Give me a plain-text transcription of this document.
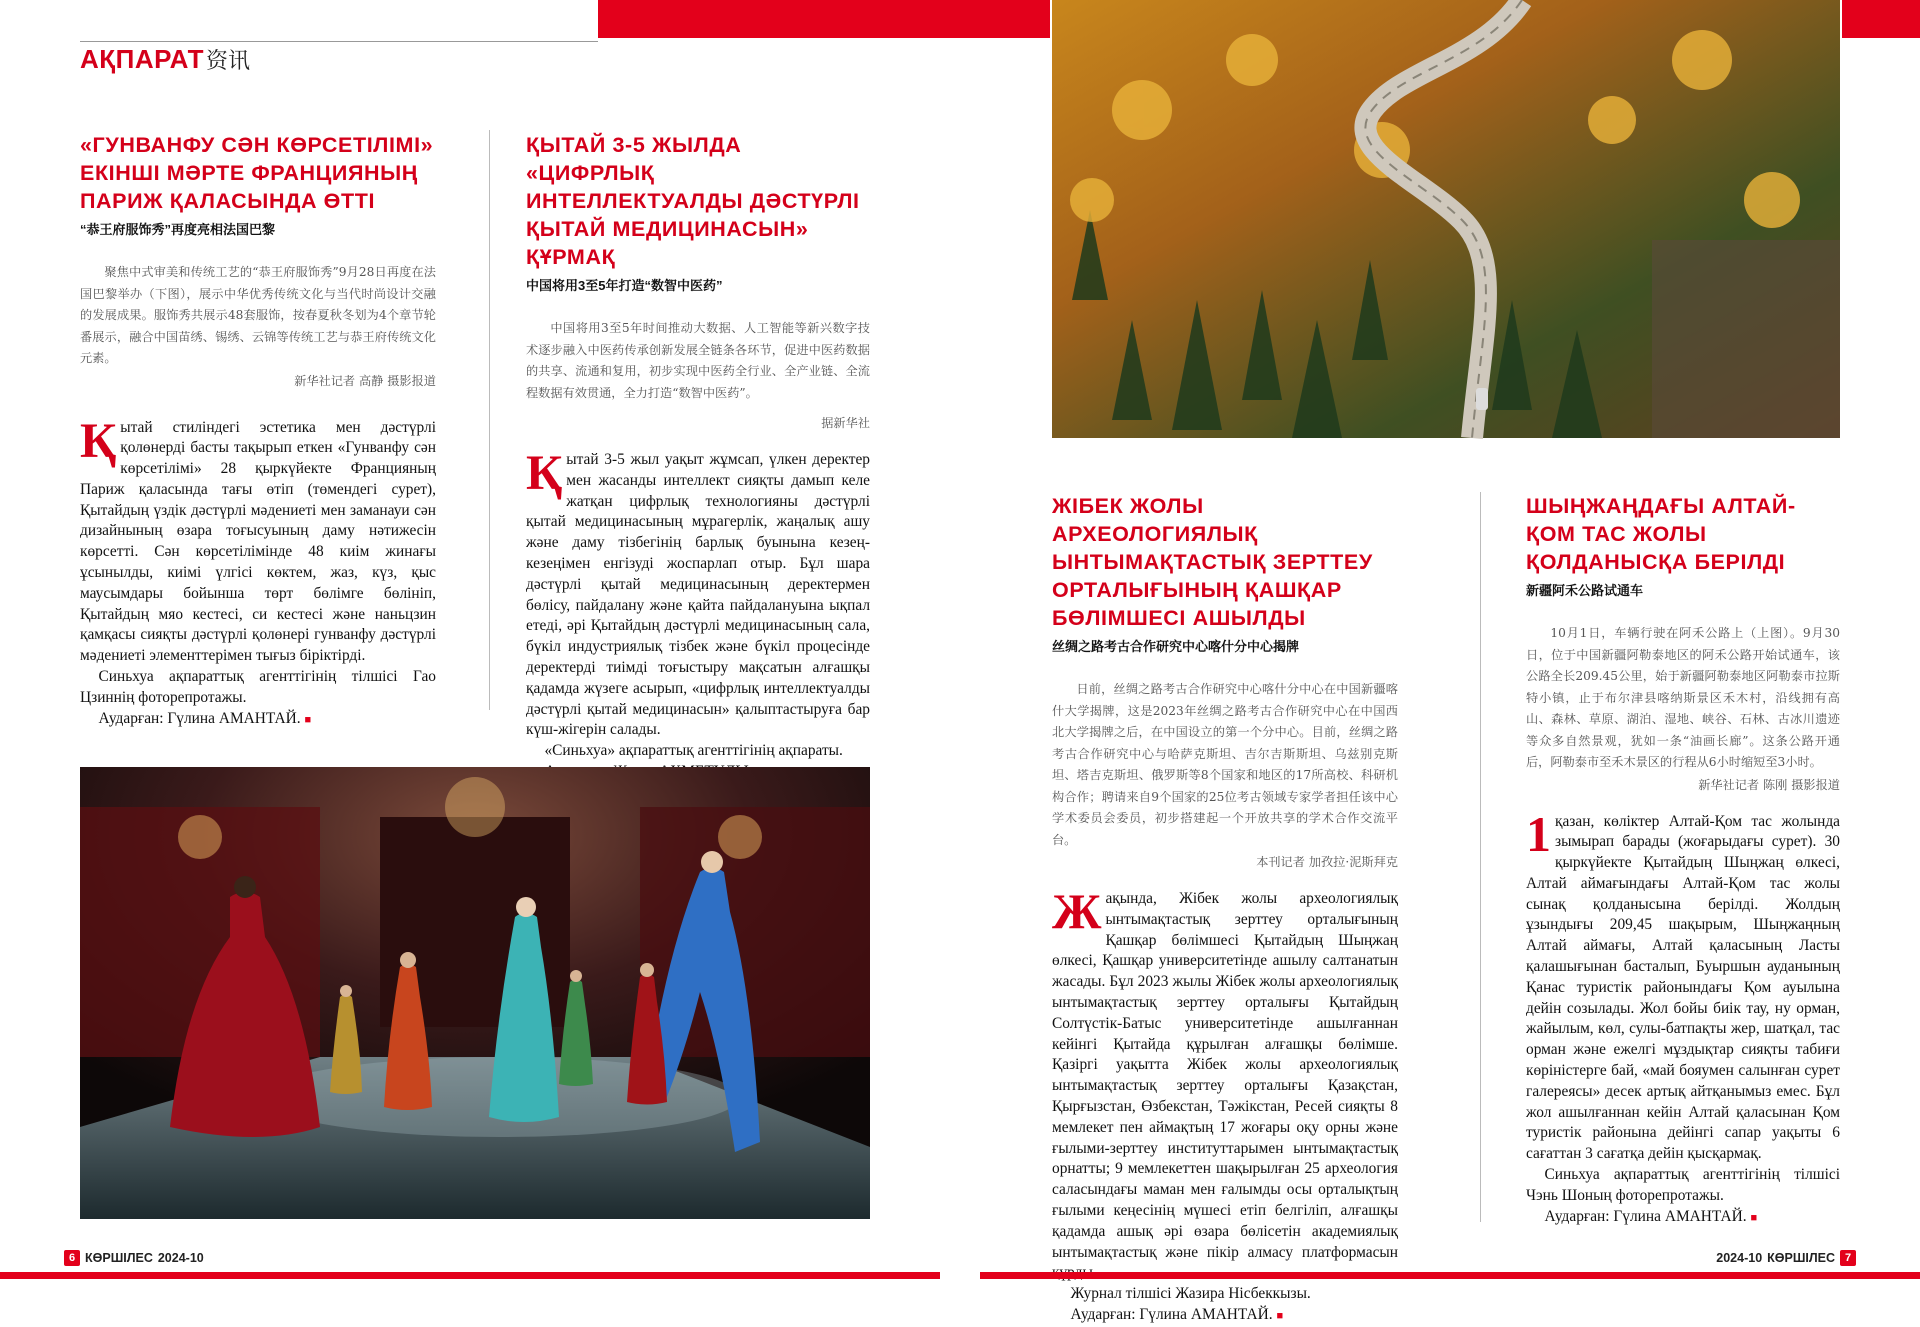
АҚПАРАТ资讯
«ГУНВАНФУ СӘН КӨРСЕТІЛІМІ» ЕКІНШІ МӘРТЕ ФРАНЦИЯНЫҢ ПАРИЖ ҚАЛАСЫНДА ӨТТІ
“恭王府服饰秀”再度亮相法国巴黎
聚焦中式审美和传统工艺的“恭王府服饰秀”9月28日再度在法国巴黎举办（下图），展示中华优秀传统文化与当代时尚设计交融的发展成果。服饰秀共展示48套服饰，按春夏秋冬划为4个章节轮番展示，融合中国苗绣、锡绣、云锦等传统工艺与恭王府传统文化元素。
新华社记者 高静 摄影报道

Қытай стиліндегі эстетика мен дәстүрлі қолөнерді басты тақырып еткен «Гунванфу сән көрсетілімі» 28 қыркүйекте Францияның Париж қаласында тағы өтіп (төмендегі сурет), Қытайдың үздік дәстүрлі мәдениеті мен заманауи сән дизайнының өзара тоғысуының даму нәтижесін көрсетті. Сән көрсетілімінде 48 киім жинағы ұсынылды, киімі үлгісі көктем, жаз, күз, қыс маусымдары бойынша төрт бөлімге бөлініп, Қытайдың мяо кестесі, си кестесі және наньцзин қамқасы сияқты дәстүрлі қолөнері гунванфу дәстүрлі мәдениеті элементтерімен тығыз біріктірді.

Синьхуа ақпараттық агенттігінің тілшісі Гао Цзиннің фоторепротажы.

Аударған: Гүлина АМАНТАЙ. ■

ҚЫТАЙ 3-5 ЖЫЛДА «ЦИФРЛЫҚ ИНТЕЛЛЕКТУАЛДЫ ДӘСТҮРЛІ ҚЫТАЙ МЕДИЦИНАСЫН» ҚҰРМАҚ
中国将用3至5年打造“数智中医药”
中国将用3至5年时间推动大数据、人工智能等新兴数字技术逐步融入中医药传承创新发展全链条各环节，促进中医药数据的共享、流通和复用，初步实现中医药全行业、全产业链、全流程数据有效贯通，全力打造“数智中医药”。
据新华社

Қытай 3-5 жыл уақыт жұмсап, үлкен деректер мен жасанды интеллект сияқты дамып келе жатқан цифрлық технологияны дәстүрлі қытай медицинасының мұрагерлік, жаңалық ашу және даму тізбегінің барлық буынына кезең-кезеңімен енгізуді жоспарлап отыр. Бұл шара дәстүрлі қытай медицинасының деректермен бөлісу, пайдалану және қайта пайдалануына ықпал етеді, әрі Қытайдың дәстүрлі медицинасының сала, бүкіл индустриялық тізбек және бүкіл процесінде деректерді тиімді тоғыстыру мақсатын алғашқы қадамда жүзеге асырып, «цифрлық интеллектуалды дәстүрлі қытай медицинасын» қалыптастыруға бар күш-жігерін салады.

«Синьхуа» ақпараттық агенттігінің ақпараты.

ЖІБЕК ЖОЛЫ АРХЕОЛОГИЯЛЫҚ ЫНТЫМАҚТАСТЫҚ ЗЕРТТЕУ ОРТАЛЫҒЫНЫҢ ҚАШҚАР БӨЛІМШЕСІ АШЫЛДЫ
丝绸之路考古合作研究中心喀什分中心揭牌
日前，丝绸之路考古合作研究中心喀什分中心在中国新疆喀什大学揭牌，这是2023年丝绸之路考古合作研究中心在中国西北大学揭牌之后，在中国设立的第一个分中心。目前，丝绸之路考古合作研究中心与哈萨克斯坦、吉尔吉斯斯坦、乌兹别克斯坦、塔吉克斯坦、俄罗斯等8个国家和地区的17所高校、科研机构合作；聘请来自9个国家的25位考古领域专家学者担任该中心学术委员会委员，初步搭建起一个开放共享的学术合作交流平台。
本刊记者 加孜拉·泥斯拜克

Жақында, Жібек жолы археологиялық ынтымақтастық зерттеу орталығының Қашқар бөлімшесі Қытайдың Шыңжаң өлкесі, Қашқар университетінде ашылу салтанатын жасады. Бұл 2023 жылы Жібек жолы археологиялық ынтымақтастық зерттеу орталығы Қытайдың Солтүстік-Батыс университетінде ашылғаннан кейінгі Қытайда құрылған алғашқы бөлімше. Қазіргі уақытта Жібек жолы археологиялық ынтымақтастық зерттеу орталығы Қазақстан, Қырғызстан, Өзбекстан, Тәжікстан, Ресей сияқты 8 мемлекет пен аймақтың 17 жоғары оқу орны және ғылыми-зерттеу институттарымен ынтымақтастық орнатты; 9 мемлекеттен шақырылған 25 археология саласындағы маман мен ғалымды осы орталықтың ғылыми кеңесінің мүшесі етіп белгіліп, алғашқы қадамда ашық әрі өзара бөлісетін академиялық ынтымақтастық және пікір алмасу платформасын

Журнал тілшісі Жазира Нісбеккызы.

Аударған: Гүлина АМАНТАЙ. ■

ШЫҢЖАҢДАҒЫ АЛТАЙ-ҚОМ ТАС ЖОЛЫ ҚОЛДАНЫСҚА БЕРІЛДІ
新疆阿禾公路试通车
10月1日，车辆行驶在阿禾公路上（上图）。9月30日，位于中国新疆阿勒泰地区的阿禾公路开始试通车，该公路全长209.45公里，始于新疆阿勒泰地区阿勒泰市拉斯特小镇，止于布尔津县喀纳斯景区禾木村，沿线拥有高山、森林、草原、湖泊、湿地、峡谷、石林、古冰川遗迹等众多自然景观，犹如一条“油画长廊”。这条公路开通后，阿勒泰市至禾木景区的行程从6小时缩短至3小时。
新华社记者 陈刚 摄影报道

1 қазан, көліктер Алтай-Қом тас жолында зымырап барады (жоғарыдағы сурет). 30 қыркүйекте Қытайдың Шыңжаң өлкесі, Алтай аймағындағы Алтай-Қом тас жолы сынақ қолданысына берілді. Жолдың ұзындығы 209,45 шақырым, Шыңжаңның Алтай аймағы, Алтай қаласының Ласты қалашығынан басталып, Буыршын ауданының Қанас туристік районындағы Қом ауылына дейін созылады. Жол бойы биік тау, ну орман, жайылым, көл, сулы-батпақты жер, шатқал, тас орман және ежелгі мұздықтар сияқты табиғи көріністерге бай, «май бояумен салынған сурет галереясы» десек артық айтқанымыз емес. Бұл жол ашылғаннан кейін Алтай қаласынан Қом туристік районына дейінгі сапар уақыты 6 сағаттан 3 сағатқа дейін қысқармақ.

Синьхуа ақпараттық агенттігінің тілшісі Чэнь Шоның фоторепротажы.

Аударған: Гүлина АМАНТАЙ. ■

6 КӨРШІЛЕС 2024-10	2024-10 КӨРШІЛЕС 7
